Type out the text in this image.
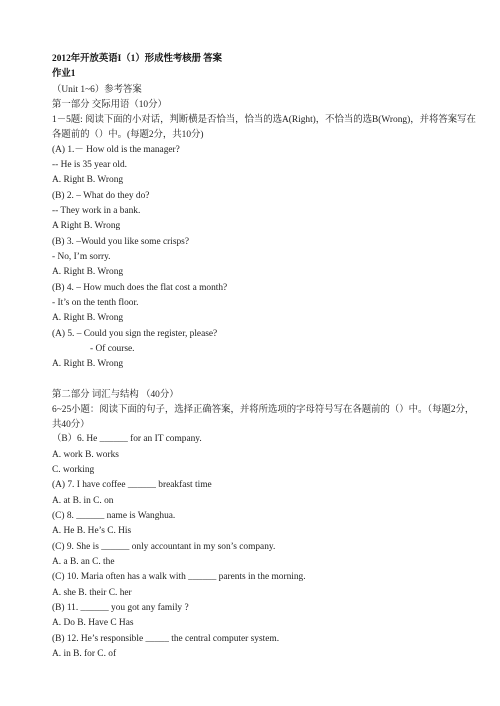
2012年开放英语I（1）形成性考核册 答案
作业1
（Unit 1~6）参考答案
第一部分 交际用语（10分）
1－5题: 阅读下面的小对话，判断横是否恰当，恰当的选A(Right)，不恰当的选B(Wrong)，并将答案写在各题前的（）中。(每题2分，共10分)
(A) 1.－ How old is the manager?
-- He is 35 year old.
A. Right B. Wrong
(B) 2. – What do they do?
-- They work in a bank.
A Right B. Wrong
(B) 3. –Would you like some crisps?
- No, I’m sorry.
A. Right B. Wrong
(B) 4. – How much does the flat cost a month?
- It’s on the tenth floor.
A. Right B. Wrong
(A) 5. – Could you sign the register, please?
- Of course.
A. Right B. Wrong
第二部分 词汇与结构 （40分）
6~25小题：阅读下面的句子，选择正确答案，并将所选项的字母符号写在各题前的（）中。（每题2分，共40分）
（B）6. He ______ for an IT company.
A. work B. works
C. working
(A) 7. I have coffee ______ breakfast time
A. at B. in C. on
(C) 8. ______ name is Wanghua.
A. He B. He’s C. His
(C) 9. She is ______ only accountant in my son’s company.
A. a B. an C. the
(C) 10. Maria often has a walk with ______ parents in the morning.
A. she B. their C. her
(B) 11. ______ you got any family ?
A. Do B. Have C Has
(B) 12. He’s responsible _____ the central computer system.
A. in B. for C. of
